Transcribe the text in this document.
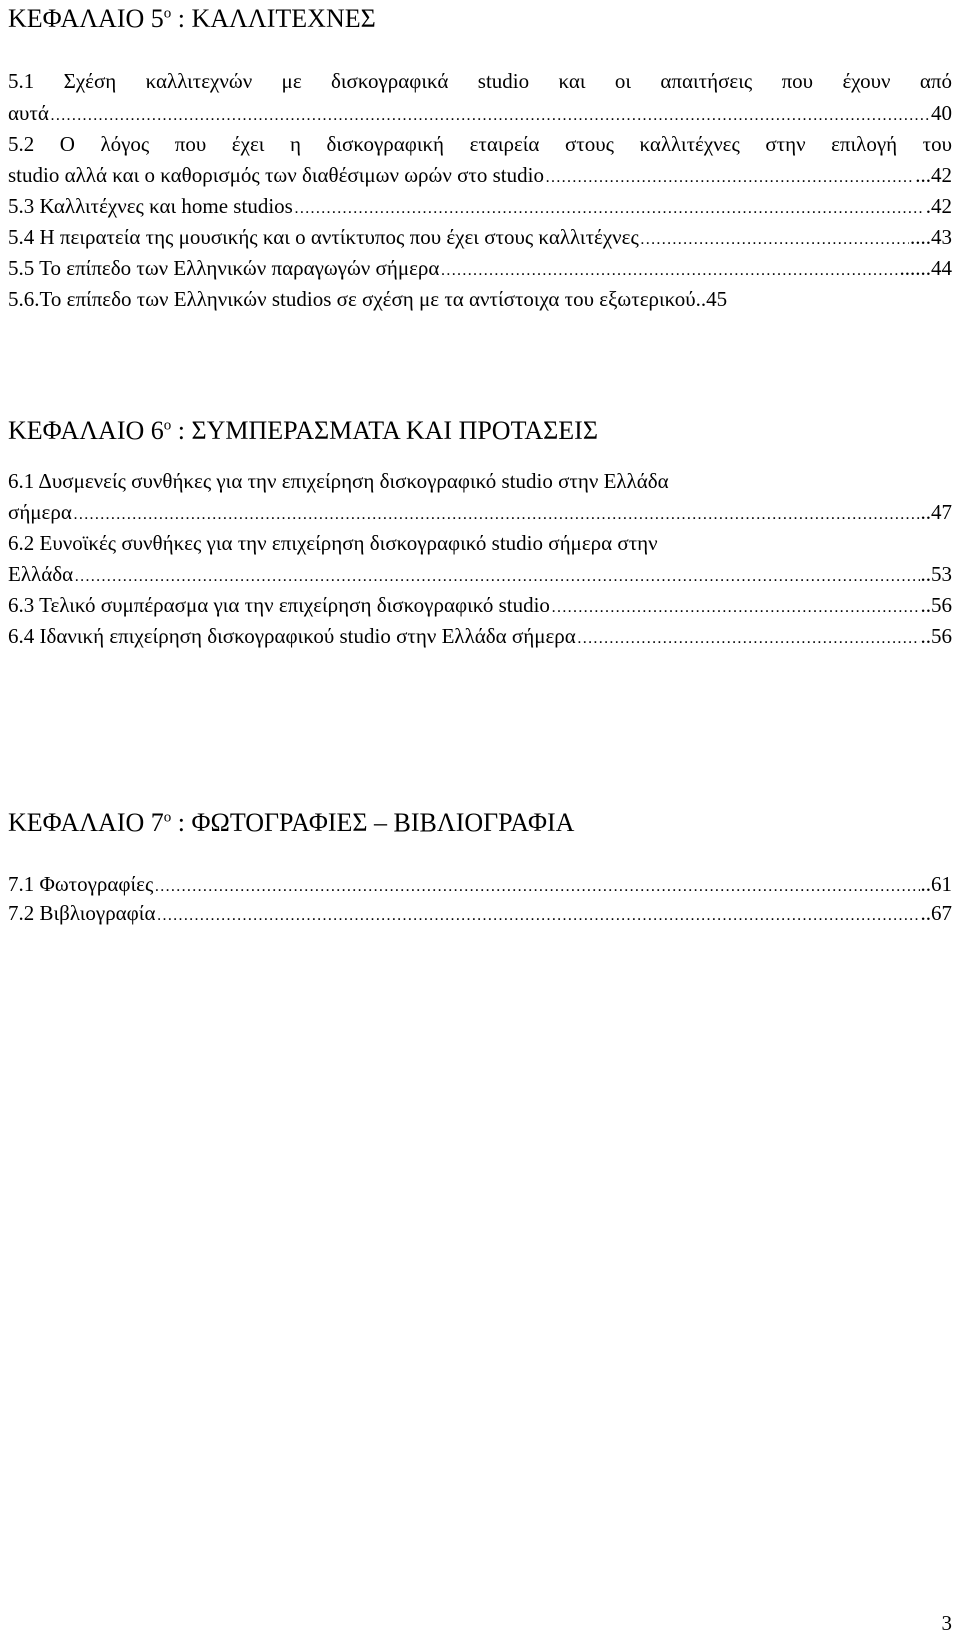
ΚΕΦΑΛΑΙΟ $5^o$ : ΚΑΛΛΙΤΕΧΝΕΣ
5.1 Σχέση καλλιτεχνών με δισκογραφικά studio και οι απαιτήσεις που έχουν από
αυτά …………………………………………………………………………………………………………………………………………………………………………	40
5.2 Ο λόγος που έχει η δισκογραφική εταιρεία στους καλλιτέχνες στην επιλογή του
studio αλλά και ο καθορισμός των διαθέσιμων ωρών στο studio …………………………………………………………………………………………………………………………………………………………………………	...42
5.3 Καλλιτέχνες και home studios …………………………………………………………………………………………………………………………………………………………………………	.42
5.4 Η πειρατεία της μουσικής και ο αντίκτυπος που έχει στους καλλιτέχνες …………………………………………………………………………………………………………………………………………………………………………	....43
5.5 Το επίπεδο των Ελληνικών παραγωγών σήμερα …………………………………………………………………………………………………………………………………………………………………………	......44
5.6.Το επίπεδο των Ελληνικών studios σε σχέση με τα αντίστοιχα του εξωτερικού ..45
ΚΕΦΑΛΑΙΟ $6^o$ : ΣΥΜΠΕΡΑΣΜΑΤΑ ΚΑΙ ΠΡΟΤΑΣΕΙΣ
6.1 Δυσμενείς συνθήκες για την επιχείρηση δισκογραφικό studio στην Ελλάδα
σήμερα …………………………………………………………………………………………………………………………………………………………………………	..47
6.2 Ευνοϊκές συνθήκες για την επιχείρηση δισκογραφικό studio σήμερα στην
Ελλάδα …………………………………………………………………………………………………………………………………………………………………………	..53
6.3 Τελικό συμπέρασμα για την επιχείρηση δισκογραφικό studio …………………………………………………………………………………………………………………………………………………………………………	..56
6.4 Ιδανική επιχείρηση δισκογραφικού studio στην Ελλάδα σήμερα …………………………………………………………………………………………………………………………………………………………………………	..56
ΚΕΦΑΛΑΙΟ $7^o$ : ΦΩΤΟΓΡΑΦΙΕΣ – ΒΙΒΛΙΟΓΡΑΦΙΑ
7.1 Φωτογραφίες …………………………………………………………………………………………………………………………………………………………………………	..61
7.2 Βιβλιογραφία …………………………………………………………………………………………………………………………………………………………………………	..67
3
